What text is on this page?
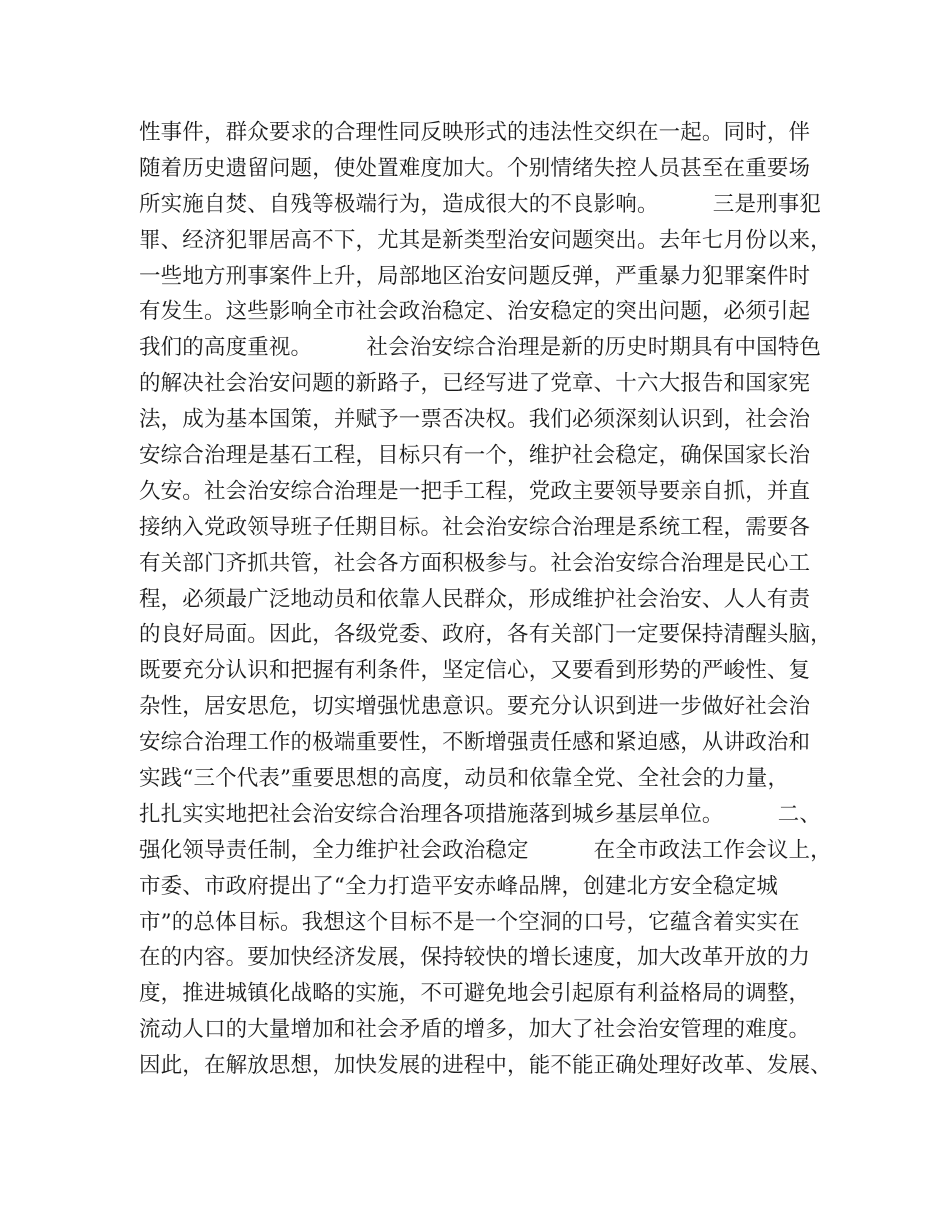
性事件，群众要求的合理性同反映形式的违法性交织在一起。同时，伴
随着历史遗留问题，使处置难度加大。个别情绪失控人员甚至在重要场
所实施自焚、自残等极端行为，造成很大的不良影响。　　　三是刑事犯
罪、经济犯罪居高不下，尤其是新类型治安问题突出。去年七月份以来，
一些地方刑事案件上升，局部地区治安问题反弹，严重暴力犯罪案件时
有发生。这些影响全市社会政治稳定、治安稳定的突出问题，必须引起
我们的高度重视。　　　社会治安综合治理是新的历史时期具有中国特色
的解决社会治安问题的新路子，已经写进了党章、十六大报告和国家宪
法，成为基本国策，并赋予一票否决权。我们必须深刻认识到，社会治
安综合治理是基石工程，目标只有一个，维护社会稳定，确保国家长治
久安。社会治安综合治理是一把手工程，党政主要领导要亲自抓，并直
接纳入党政领导班子任期目标。社会治安综合治理是系统工程，需要各
有关部门齐抓共管，社会各方面积极参与。社会治安综合治理是民心工
程，必须最广泛地动员和依靠人民群众，形成维护社会治安、人人有责
的良好局面。因此，各级党委、政府，各有关部门一定要保持清醒头脑，
既要充分认识和把握有利条件，坚定信心，又要看到形势的严峻性、复
杂性，居安思危，切实增强忧患意识。要充分认识到进一步做好社会治
安综合治理工作的极端重要性，不断增强责任感和紧迫感，从讲政治和
实践“三个代表”重要思想的高度，动员和依靠全党、全社会的力量，
扎扎实实地把社会治安综合治理各项措施落到城乡基层单位。　　　二、
强化领导责任制，全力维护社会政治稳定　　　在全市政法工作会议上，
市委、市政府提出了“全力打造平安赤峰品牌，创建北方安全稳定城
市”的总体目标。我想这个目标不是一个空洞的口号，它蕴含着实实在
在的内容。要加快经济发展，保持较快的增长速度，加大改革开放的力
度，推进城镇化战略的实施，不可避免地会引起原有利益格局的调整，
流动人口的大量增加和社会矛盾的增多，加大了社会治安管理的难度。
因此，在解放思想，加快发展的进程中，能不能正确处理好改革、发展、
